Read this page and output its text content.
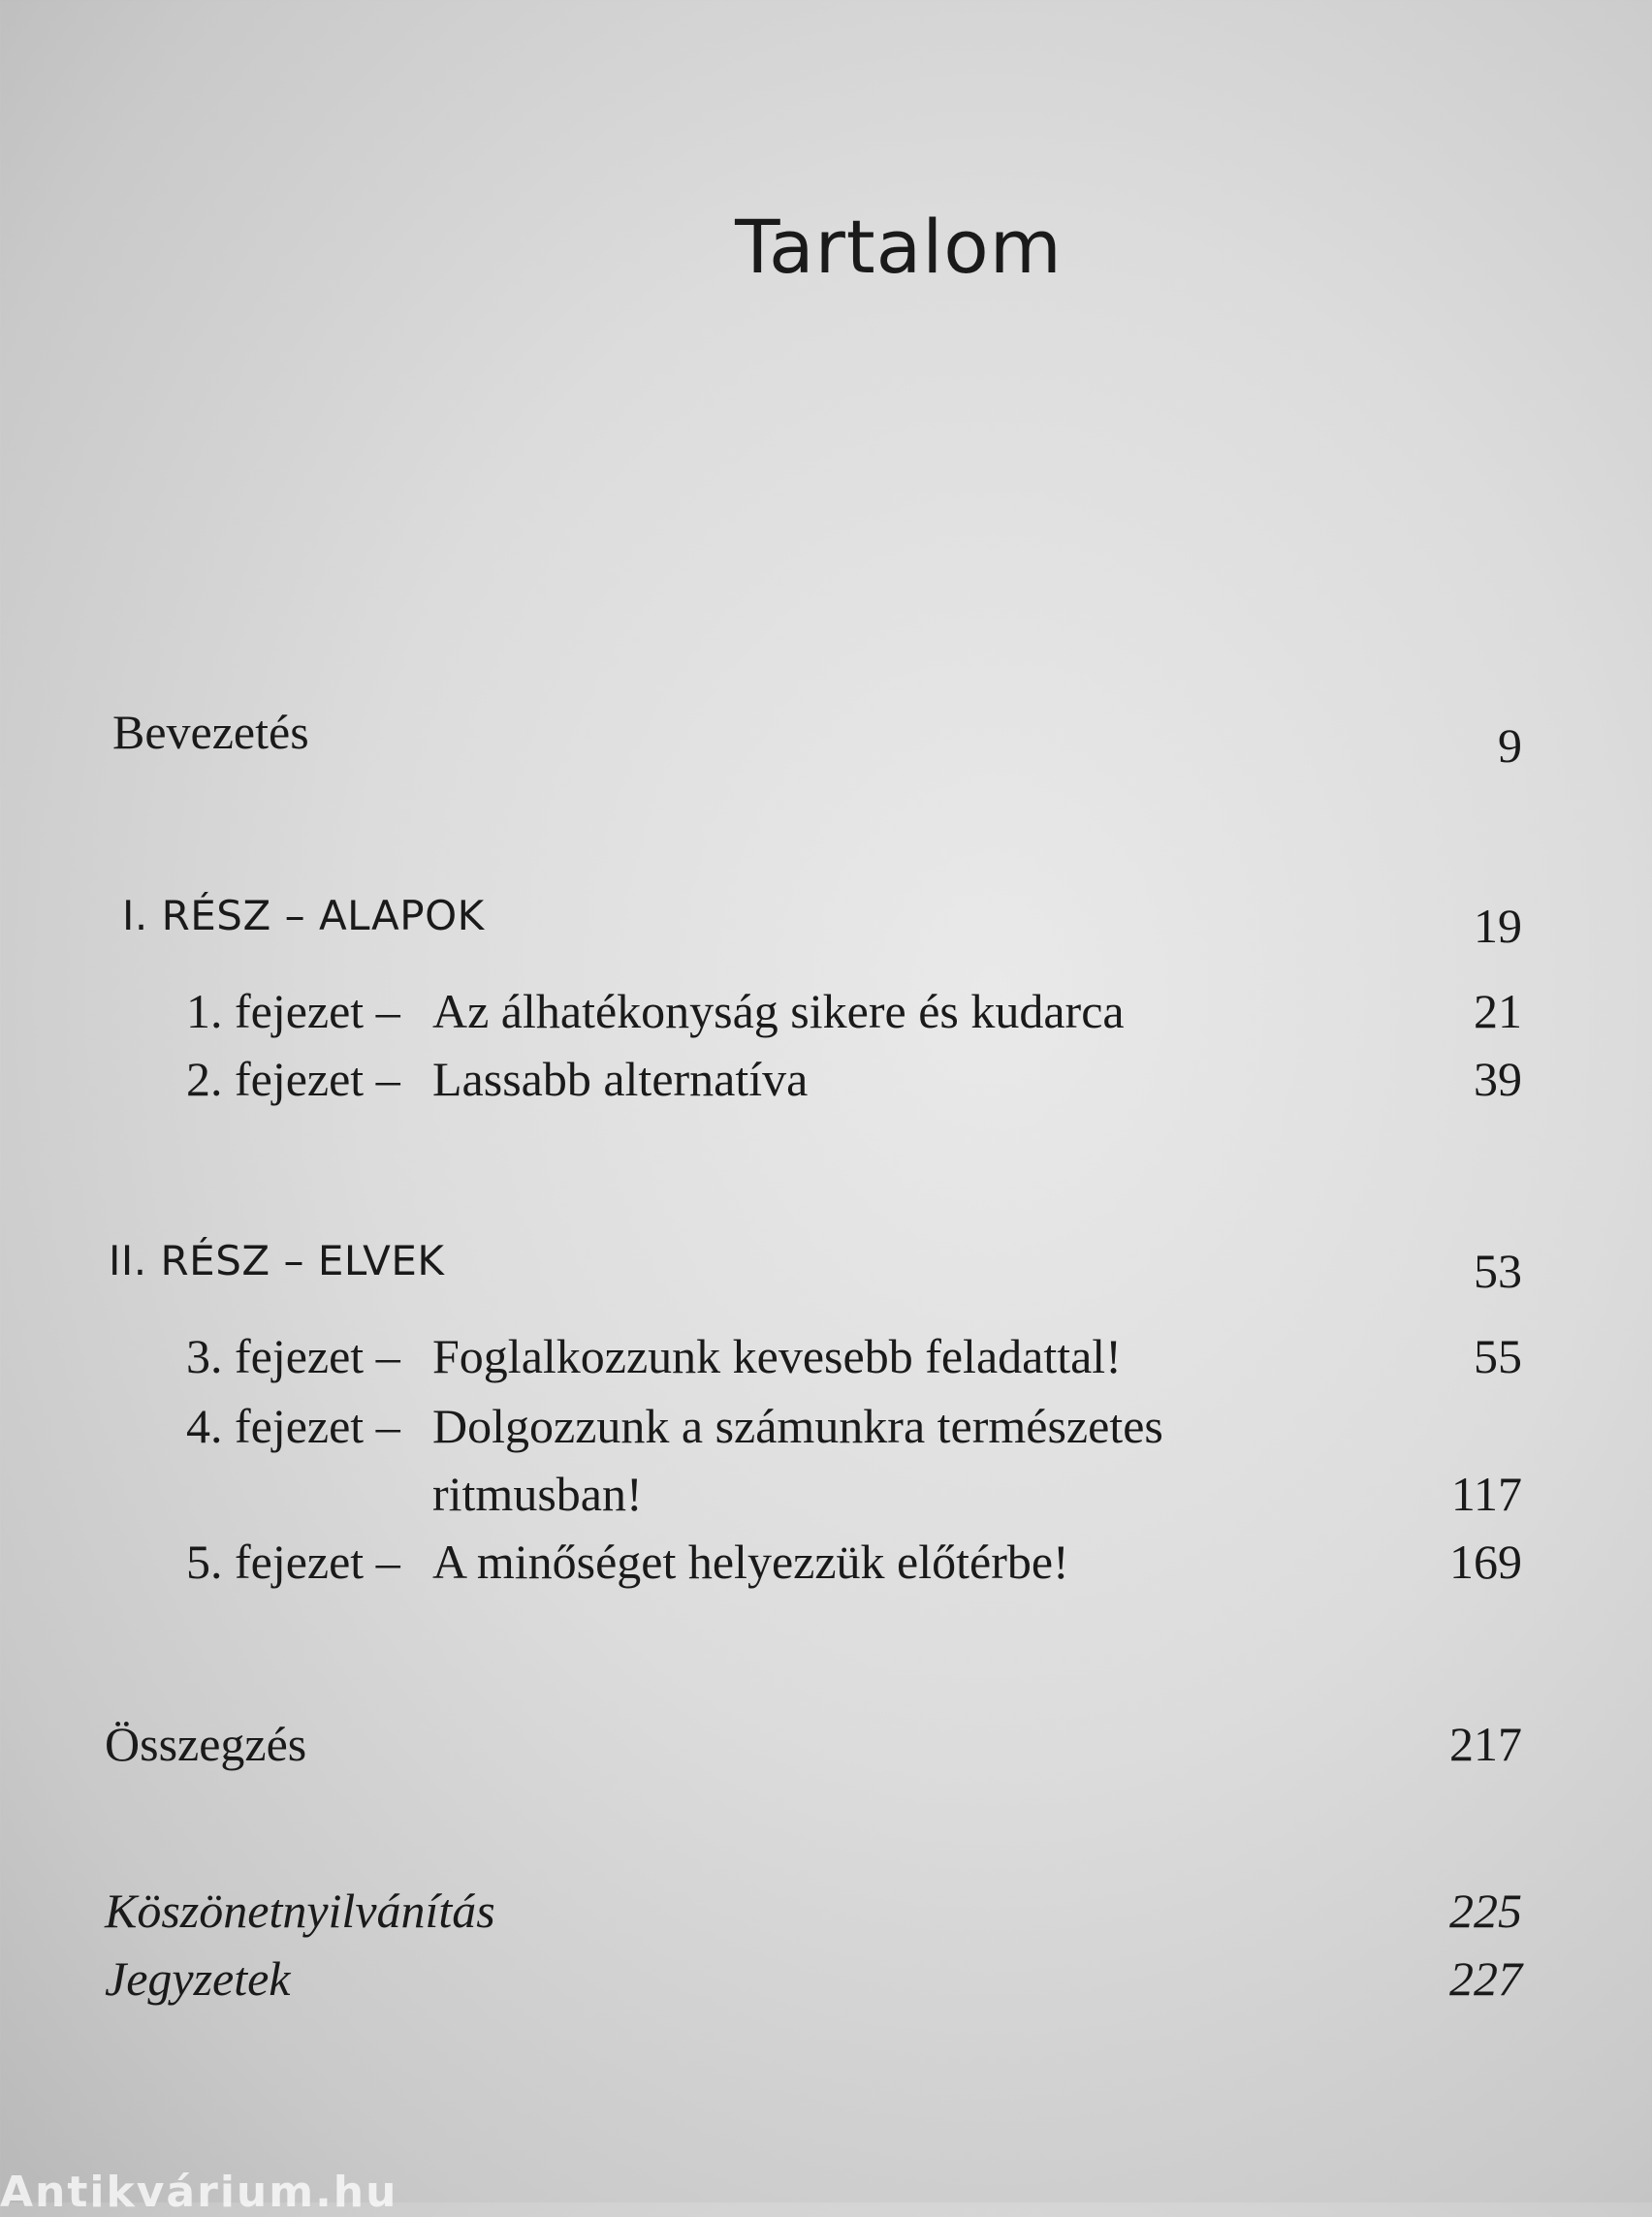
Tartalom

Bevezetés	9
I. RÉSZ – ALAPOK	19
1. fejezet – Az álhatékonyság sikere és kudarca	21
2. fejezet – Lassabb alternatíva	39
II. RÉSZ – ELVEK	53
3. fejezet – Foglalkozzunk kevesebb feladattal!	55
4. fejezet – Dolgozzunk a számunkra természetes
ritmusban!	117
5. fejezet – A minőséget helyezzük előtérbe!	169
Összegzés	217
Köszönetnyilvánítás	225
Jegyzetek	227
Antikvárium.hu
